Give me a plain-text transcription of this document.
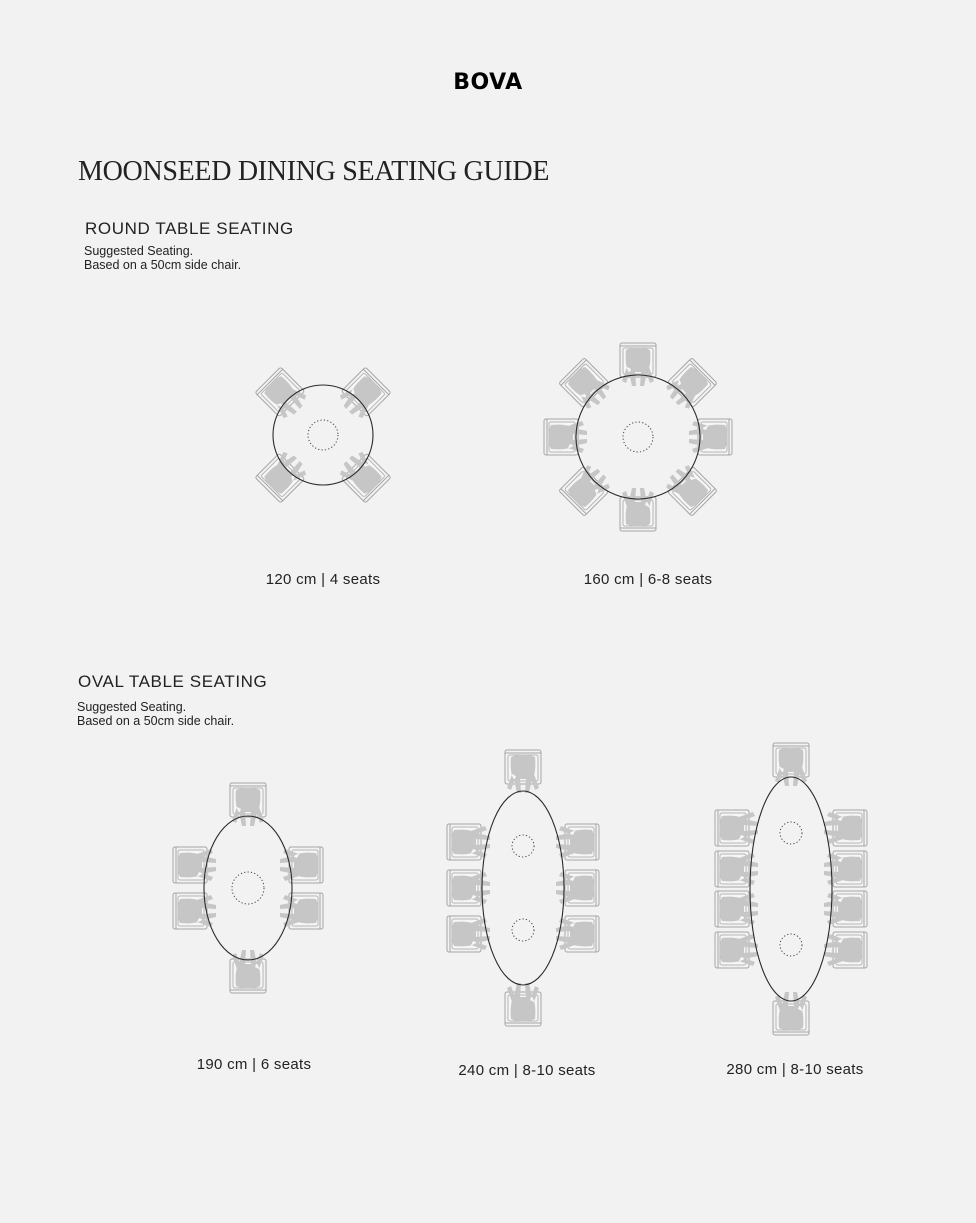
BOVA
MOONSEED DINING SEATING GUIDE
ROUND TABLE SEATING
Suggested Seating.
Based on a 50cm side chair.
120 cm | 4 seats	160 cm | 6-8 seats
OVAL TABLE SEATING
Suggested Seating.
Based on a 50cm side chair.
190 cm | 6 seats	240 cm | 8-10 seats	280 cm | 8-10 seats
